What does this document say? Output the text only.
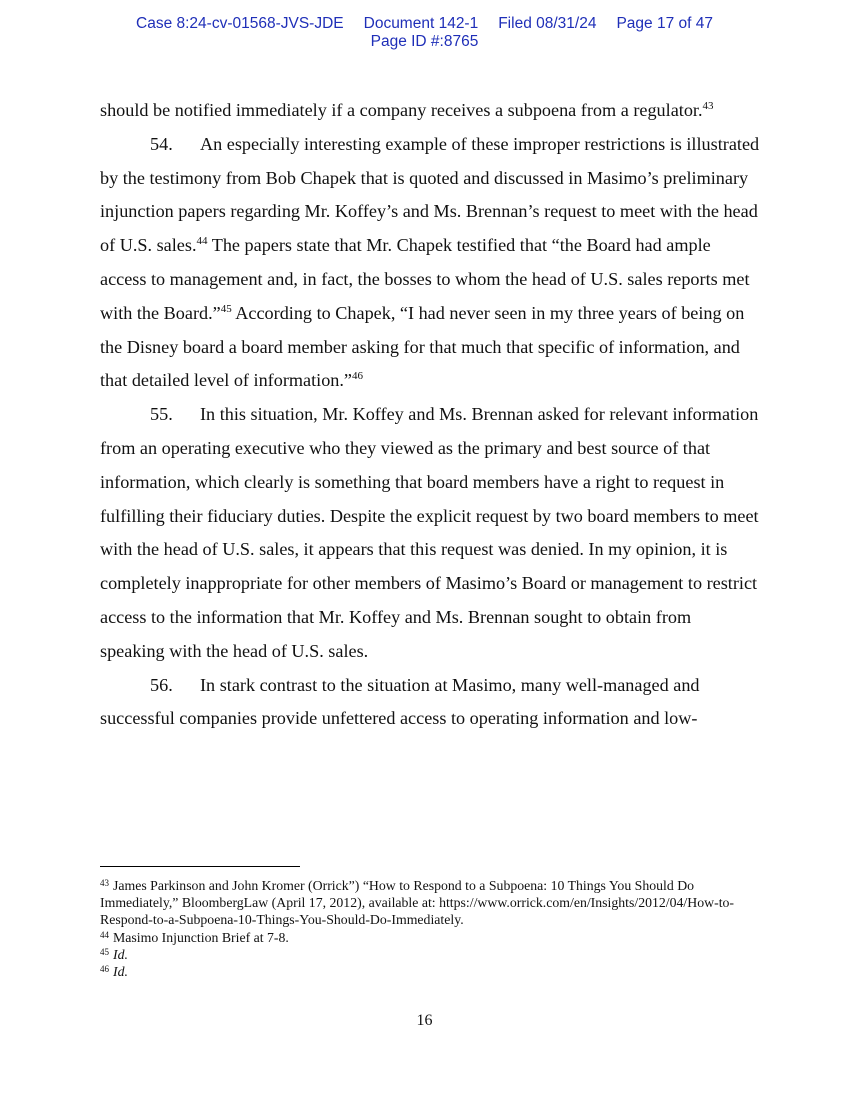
Case 8:24-cv-01568-JVS-JDE Document 142-1 Filed 08/31/24 Page 17 of 47
Page ID #:8765

should be notified immediately if a company receives a subpoena from a regulator.$^{43}$

54. An especially interesting example of these improper restrictions is illustrated by the testimony from Bob Chapek that is quoted and discussed in Masimo’s preliminary injunction papers regarding Mr. Koffey’s and Ms. Brennan’s request to meet with the head of U.S. sales.$^{44}$ The papers state that Mr. Chapek testified that “the Board had ample access to management and, in fact, the bosses to whom the head of U.S. sales reports met with the Board.”$^{45}$ According to Chapek, “I had never seen in my three years of being on the Disney board a board member asking for that much that specific of information, and that detailed level of information.”$^{46}$

55. In this situation, Mr. Koffey and Ms. Brennan asked for relevant information from an operating executive who they viewed as the primary and best source of that information, which clearly is something that board members have a right to request in fulfilling their fiduciary duties. Despite the explicit request by two board members to meet with the head of U.S. sales, it appears that this request was denied. In my opinion, it is completely inappropriate for other members of Masimo’s Board or management to restrict access to the information that Mr. Koffey and Ms. Brennan sought to obtain from speaking with the head of U.S. sales.

56. In stark contrast to the situation at Masimo, many well-managed and successful companies provide unfettered access to operating information and low-

$^{43}$ James Parkinson and John Kromer (Orrick”) “How to Respond to a Subpoena: 10 Things You Should Do Immediately,” BloombergLaw (April 17, 2012), available at: https://www.orrick.com/en/Insights/2012/04/How-to-Respond-to-a-Subpoena-10-Things-You-Should-Do-Immediately.

$^{44}$ Masimo Injunction Brief at 7-8.

$^{45}$ Id.

$^{46}$ Id.

16
